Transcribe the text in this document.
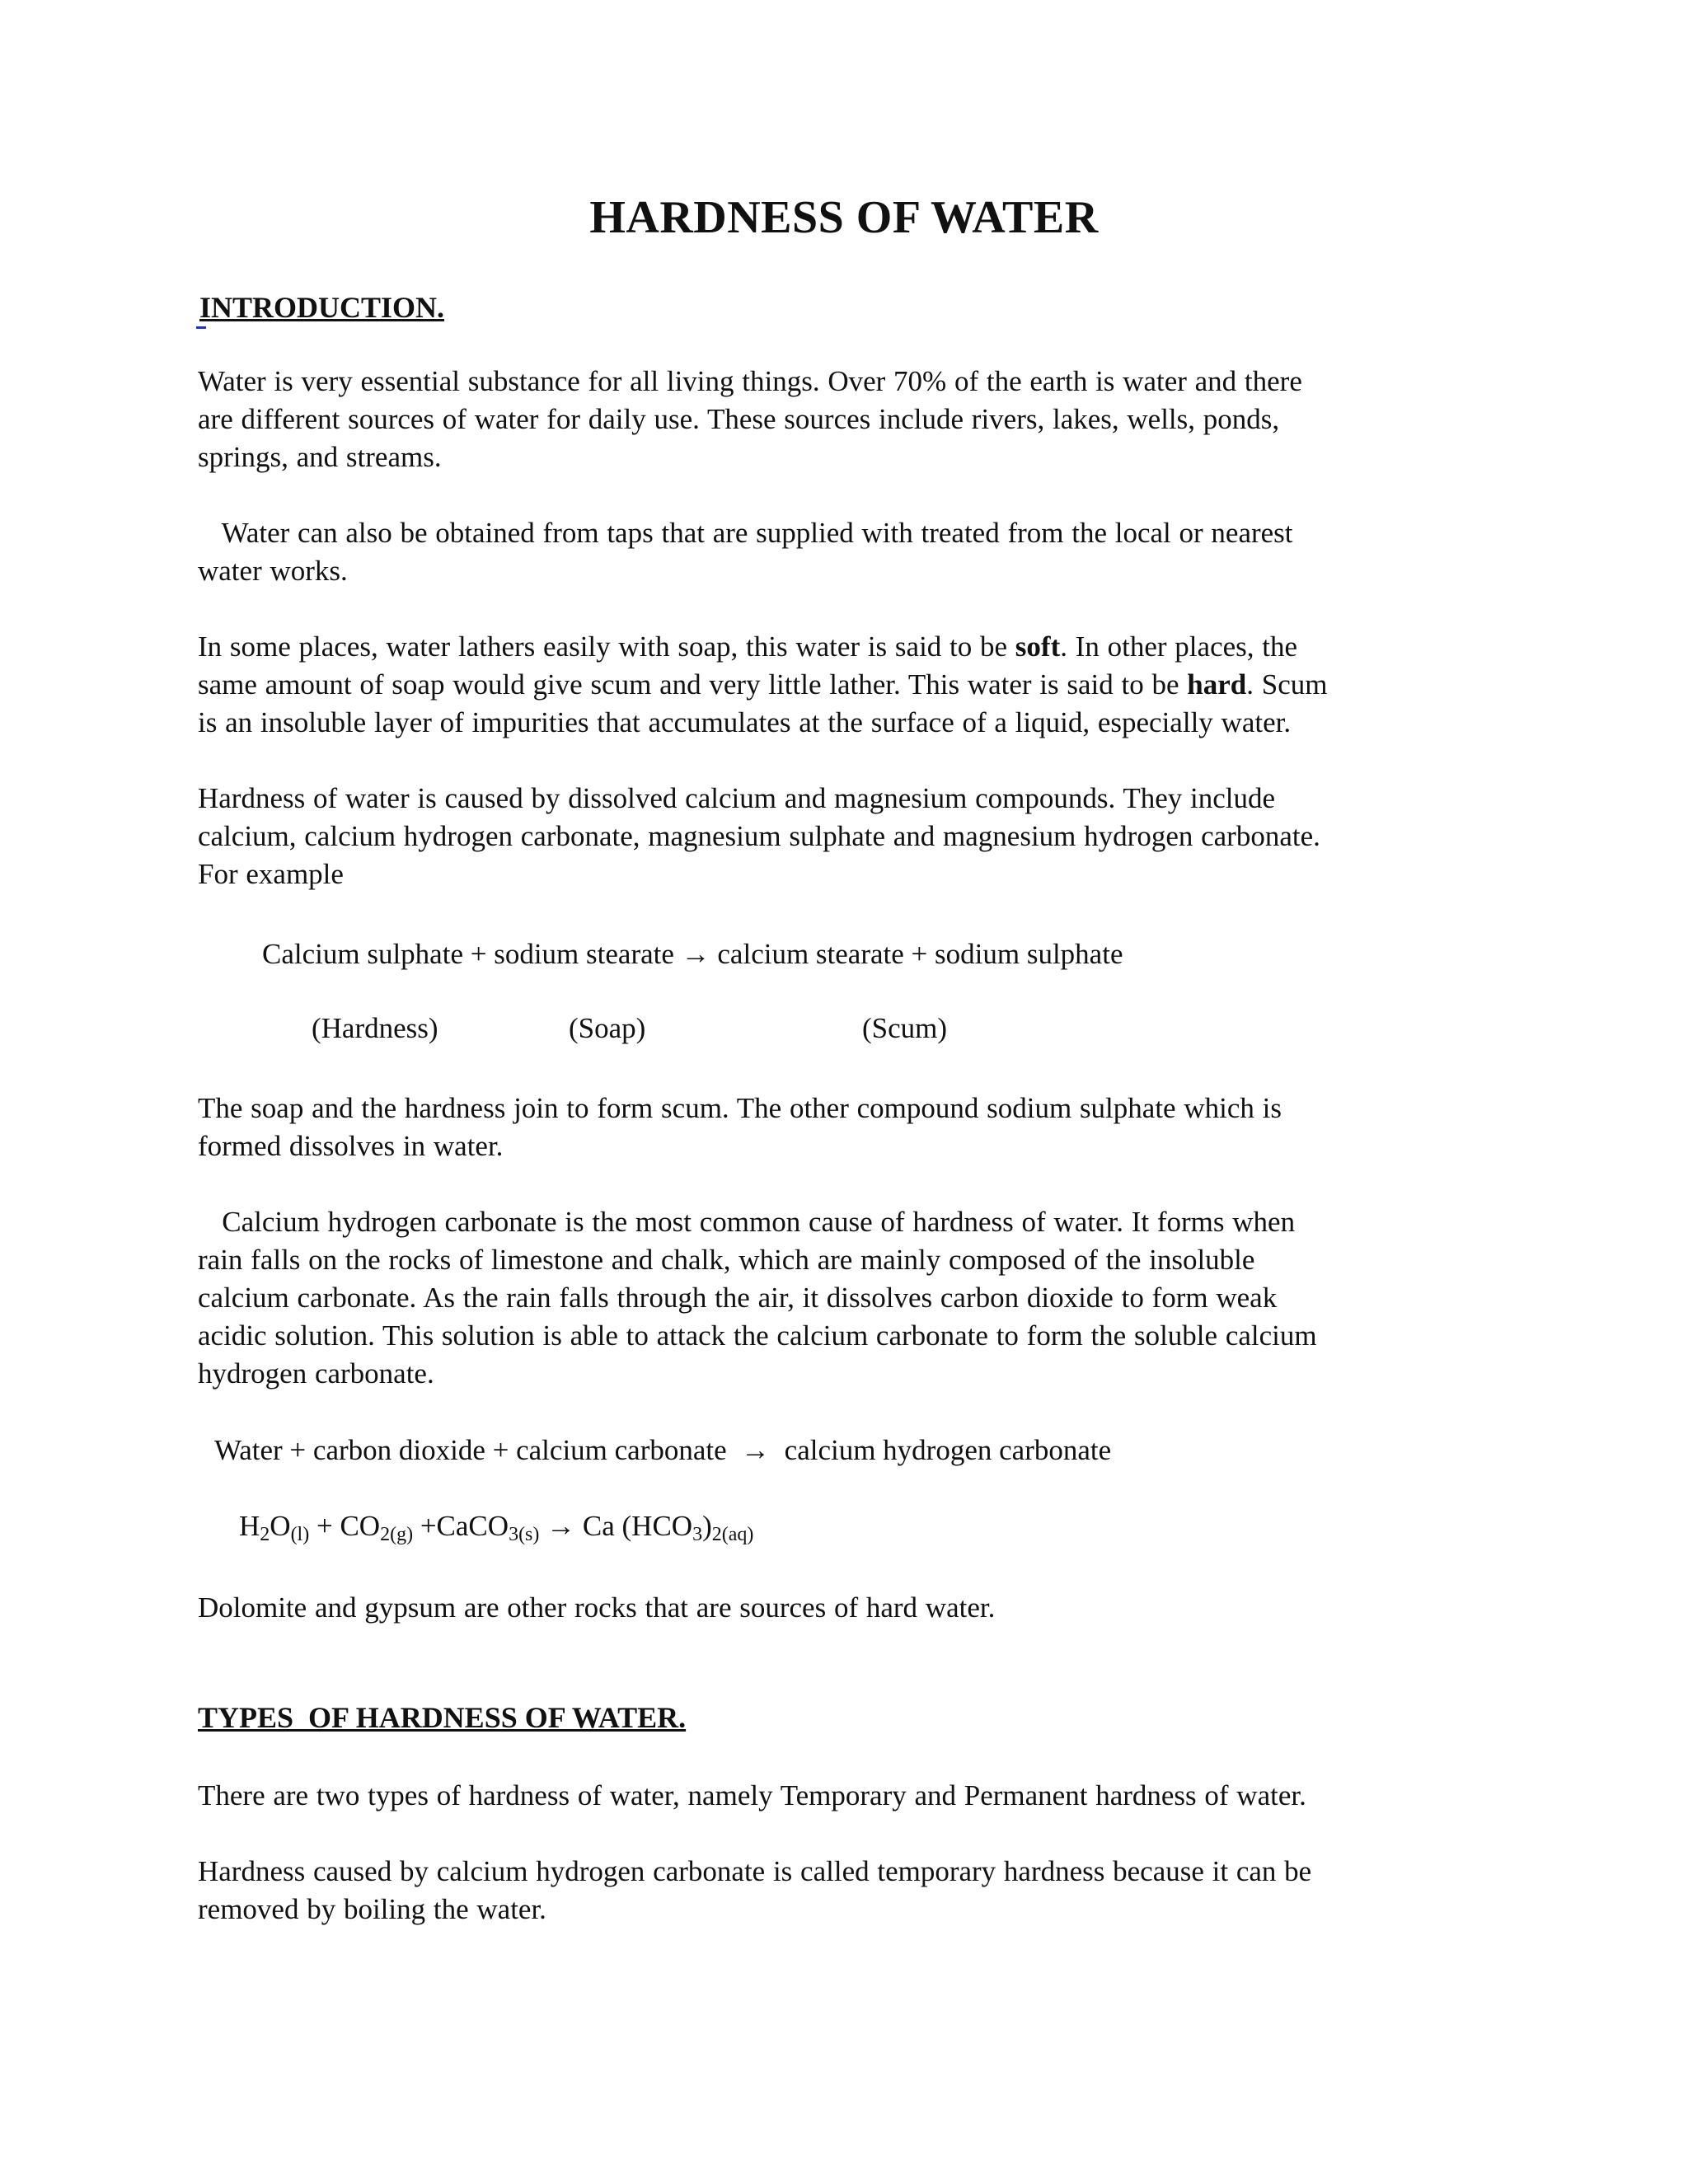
HARDNESS OF WATER
INTRODUCTION.
Water is very essential substance for all living things. Over 70% of the earth is water and there
are different sources of water for daily use. These sources include rivers, lakes, wells, ponds,
springs, and streams.
Water can also be obtained from taps that are supplied with treated from the local or nearest
water works.
In some places, water lathers easily with soap, this water is said to be soft. In other places, the
same amount of soap would give scum and very little lather. This water is said to be hard. Scum
is an insoluble layer of impurities that accumulates at the surface of a liquid, especially water.
Hardness of water is caused by dissolved calcium and magnesium compounds. They include
calcium, calcium hydrogen carbonate, magnesium sulphate and magnesium hydrogen carbonate.
For example
Calcium sulphate + sodium stearate → calcium stearate + sodium sulphate
(Hardness)	(Soap)	(Scum)
The soap and the hardness join to form scum. The other compound sodium sulphate which is
formed dissolves in water.
Calcium hydrogen carbonate is the most common cause of hardness of water. It forms when
rain falls on the rocks of limestone and chalk, which are mainly composed of the insoluble
calcium carbonate. As the rain falls through the air, it dissolves carbon dioxide to form weak
acidic solution. This solution is able to attack the calcium carbonate to form the soluble calcium
hydrogen carbonate.
Water + carbon dioxide + calcium carbonate  →  calcium hydrogen carbonate
$H_2O_{(l)} + CO_{2(g)}$ +CaCO$_{3(s)}$ → Ca $(HCO_3)_{2(aq)}$
Dolomite and gypsum are other rocks that are sources of hard water.
TYPES  OF HARDNESS OF WATER.
There are two types of hardness of water, namely Temporary and Permanent hardness of water.
Hardness caused by calcium hydrogen carbonate is called temporary hardness because it can be
removed by boiling the water.
